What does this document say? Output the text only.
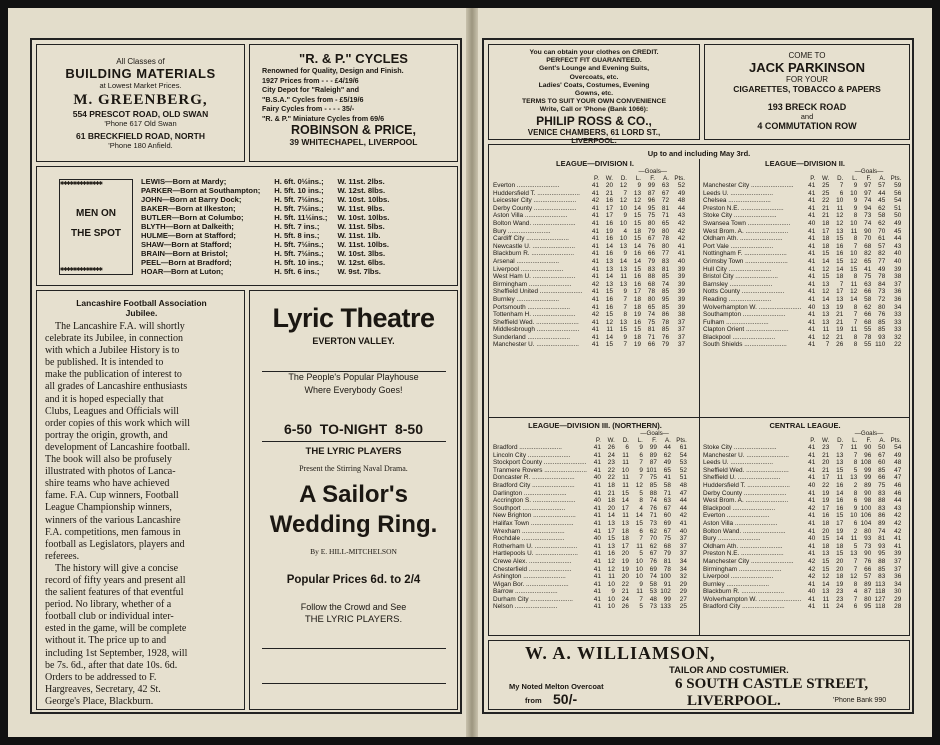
All Classes of
BUILDING MATERIALS
at Lowest Market Prices.
M. GREENBERG,
554 PRESCOT ROAD, OLD SWAN
'Phone 617 Old Swan
61 BRECKFIELD ROAD, NORTH
'Phone 180 Anfield.
"R. & P." CYCLES
Renowned for Quality, Design and Finish.
1927 Prices from - - - £4/19/6
City Depot for "Raleigh" and
"B.S.A." Cycles from - £5/19/6
Fairy Cycles from - - - - 35/-
"R. & P." Miniature Cycles from 69/6
ROBINSON & PRICE,
39 WHITECHAPEL, LIVERPOOL
✱✱✱✱✱✱✱✱✱✱✱✱✱
MEN ON
THE SPOT
✱✱✱✱✱✱✱✱✱✱✱✱✱
LEWIS—Born at Mardy;	H. 6ft. 0½ins.;	W. 11st. 2lbs.
PARKER—Born at Southampton;	H. 5ft. 10 ins.;	W. 12st. 8lbs.
JOHN—Born at Barry Dock;	H. 5ft. 7½ins.;	W. 10st. 10lbs.
BAKER—Born at Ilkeston;	H. 5ft. 7½ins.;	W. 11st. 9lbs.
BUTLER—Born at Columbo;	H. 5ft. 11½ins.;	W. 10st. 10lbs.
BLYTH—Born at Dalkeith;	H. 5ft. 7 ins.;	W. 11st. 5lbs.
HULME—Born at Stafford;	H. 5ft. 8 ins.;	W. 11st. 1lb.
SHAW—Born at Stafford;	H. 5ft. 7½ins.;	W. 11st. 10lbs.
BRAIN—Born at Bristol;	H. 5ft. 7½ins.;	W. 10st. 3lbs.
PEEL—Born at Bradford;	H. 5ft. 10 ins.;	W. 12st. 6lbs.
HOAR—Born at Luton;	H. 5ft. 6 ins.;	W. 9st. 7lbs.
Lancashire Football Association
Jubilee.
The Lancashire F.A. will shortly
celebrate its Jubilee, in connection
with which a Jubilee History is to
be published. It is intended to
make the publication of interest to
all grades of Lancashire enthusiasts
and it is hoped especially that
Clubs, Leagues and Officials will
order copies of this work which will
portray the origin, growth, and
development of Lancashire football.
The book will also be profusely
illustrated with photos of Lanca-
shire teams who have achieved
fame. F.A. Cup winners, Football
League Championship winners,
winners of the various Lancashire
F.A. competitions, men famous in
football as Legislators, players and
referees.
The history will give a concise
record of fifty years and present all
the salient features of that eventful
period. No library, whether of a
football club or individual inter-
ested in the game, will be complete
without it. The price up to and
including 1st September, 1928, will
be 7s. 6d., after that date 10s. 6d.
Orders to be addressed to F.
Hargreaves, Secretary, 42 St.
George's Place, Blackburn.
Lyric Theatre
EVERTON VALLEY.
The People's Popular Playhouse
Where Everybody Goes!
6-50 TO-NIGHT 8-50
THE LYRIC PLAYERS
Present the Stirring Naval Drama.
A Sailor's
Wedding Ring.
By E. HILL-MITCHELSON
Popular Prices 6d. to 2/4
Follow the Crowd and See
THE LYRIC PLAYERS.
You can obtain your clothes on CREDIT.
PERFECT FIT GUARANTEED.
Gent's Lounge and Evening Suits,
Overcoats, etc.
Ladies' Coats, Costumes, Evening
Gowns, etc.
TERMS TO SUIT YOUR OWN CONVENIENCE
Write, Call or 'Phone (Bank 1066):
PHILIP ROSS & CO.,
VENICE CHAMBERS, 61 LORD ST.,
LIVERPOOL.
COME TO
JACK PARKINSON
FOR YOUR
CIGARETTES, TOBACCO & PAPERS
193 BRECK ROAD
and
4 COMMUTATION ROW
Up to and including May 3rd.
LEAGUE—DIVISION I.
—Goals—							
	P.	W.	D.	L.	F.	A.	Pts.
Everton ........................	41	20	12	9	99	63	52
Huddersfield T. ........................	41	21	7	13	87	67	49
Leicester City ........................	42	16	12	12	96	72	48
Derby County ........................	41	17	10	14	95	81	44
Aston Villa ........................	41	17	9	15	75	71	43
Bolton Wand. ........................	41	16	10	15	80	65	42
Bury ........................	41	19	4	18	79	80	42
Cardiff City ........................	41	16	10	15	67	78	42
Newcastle U. ........................	41	14	13	14	76	80	41
Blackburn R. ........................	41	16	9	16	66	77	41
Arsenal ........................	41	13	14	14	79	83	40
Liverpool ........................	41	13	13	15	83	81	39
West Ham U. ........................	41	14	11	16	88	85	39
Birmingham ........................	42	13	13	16	68	74	39
Sheffield United ........................	41	15	9	17	78	85	39
Burnley ........................	41	16	7	18	80	95	39
Portsmouth ........................	41	16	7	18	65	85	39
Tottenham H. ........................	42	15	8	19	74	86	38
Sheffield Wed. ........................	41	12	13	16	75	78	37
Middlesbrough ........................	41	11	15	15	81	85	37
Sunderland ........................	41	14	9	18	71	76	37
Manchester U. ........................	41	15	7	19	66	79	37
LEAGUE—DIVISION II.
—Goals—							
	P.	W.	D.	L.	F.	A.	Pts.
Manchester City ........................	41	25	7	9	97	57	59
Leeds U. ........................	41	25	6	10	97	44	56
Chelsea ........................	41	22	10	9	74	45	54
Preston N.E. ........................	41	21	11	9	94	62	51
Stoke City ........................	41	21	12	8	73	58	50
Swansea Town ........................	40	18	12	10	74	62	49
West Brom. A. ........................	41	17	13	11	90	70	45
Oldham Ath. ........................	41	18	15	8	70	61	44
Port Vale ........................	41	18	16	7	68	57	43
Nottingham F. ........................	41	15	16	10	82	82	40
Grimsby Town ........................	41	14	15	12	65	77	40
Hull City ........................	41	12	14	15	41	49	39
Bristol City ........................	41	15	18	8	75	78	38
Barnsley ........................	41	13	7	11	63	84	37
Notts County ........................	41	12	17	12	66	73	36
Reading ........................	41	14	13	14	58	72	36
Wolverhampton W. ........................	40	13	19	8	62	80	34
Southampton ........................	41	13	21	7	66	76	33
Fulham ........................	41	13	21	7	68	85	33
Clapton Orient ........................	41	11	19	11	55	85	33
Blackpool ........................	41	12	21	8	78	93	32
South Shields ........................	41	7	26	8	55	110	22
LEAGUE—DIVISION III. (NORTHERN).
—Goals—							
	P.	W.	D.	L.	F.	A.	Pts.
Bradford ........................	41	26	6	9	99	44	61
Lincoln City ........................	41	24	11	6	89	62	54
Stockport County ........................	41	23	11	7	87	49	53
Tranmere Rovers ........................	41	22	10	9	101	65	52
Doncaster R. ........................	40	22	11	7	75	41	51
Bradford City ........................	41	18	11	12	85	58	48
Darlington ........................	41	21	15	5	88	71	47
Accrington S. ........................	40	18	14	8	74	63	44
Southport ........................	41	20	17	4	76	67	44
New Brighton ........................	41	14	11	14	71	60	42
Halifax Town ........................	41	13	13	15	73	69	41
Wrexham ........................	41	17	18	6	62	67	40
Rochdale ........................	40	15	18	7	70	75	37
Rotherham U. ........................	41	13	17	11	62	68	37
Hartlepools U. ........................	41	16	20	5	67	79	37
Crewe Alex. ........................	41	12	19	10	76	81	34
Chesterfield ........................	41	12	19	10	69	78	34
Ashington ........................	41	11	20	10	74	100	32
Wigan Bor. ........................	41	10	22	9	58	91	29
Barrow ........................	41	9	21	11	53	102	29
Durham City ........................	41	10	24	7	48	99	27
Nelson ........................	41	10	26	5	73	133	25
CENTRAL LEAGUE.
—Goals—							
	P.	W.	D.	L.	F.	A.	Pts.
Stoke City ........................	41	23	7	11	90	50	54
Manchester U. ........................	41	21	13	7	96	67	49
Leeds U. ........................	41	20	13	8	108	60	48
Sheffield Wed. ........................	41	21	15	5	99	85	47
Sheffield U. ........................	41	17	11	13	99	66	47
Huddersfield T. ........................	40	22	16	2	89	75	46
Derby County ........................	41	19	14	8	90	83	46
West Brom. A. ........................	41	19	16	6	98	88	44
Blackpool ........................	42	17	16	9	100	83	43
Everton ........................	41	16	15	10	106	86	42
Aston Villa ........................	41	18	17	6	104	89	42
Bolton Wand. ........................	41	20	19	2	80	74	42
Bury ........................	40	15	14	11	93	81	41
Oldham Ath. ........................	41	18	18	5	73	93	41
Preston N.E. ........................	41	13	15	13	90	95	39
Manchester City ........................	42	15	20	7	76	88	37
Birmingham ........................	42	15	20	7	66	85	37
Liverpool ........................	42	12	18	12	57	83	36
Burnley ........................	41	14	19	8	89	113	34
Blackburn R. ........................	40	13	23	4	87	118	30
Wolverhampton W. ........................	41	11	23	7	80	127	29
Bradford City ........................	41	11	24	6	95	118	28
W. A. WILLIAMSON,
TAILOR AND COSTUMIER.
My Noted Melton Overcoat
from 50/-
6 SOUTH CASTLE STREET,
LIVERPOOL.	'Phone Bank 990
